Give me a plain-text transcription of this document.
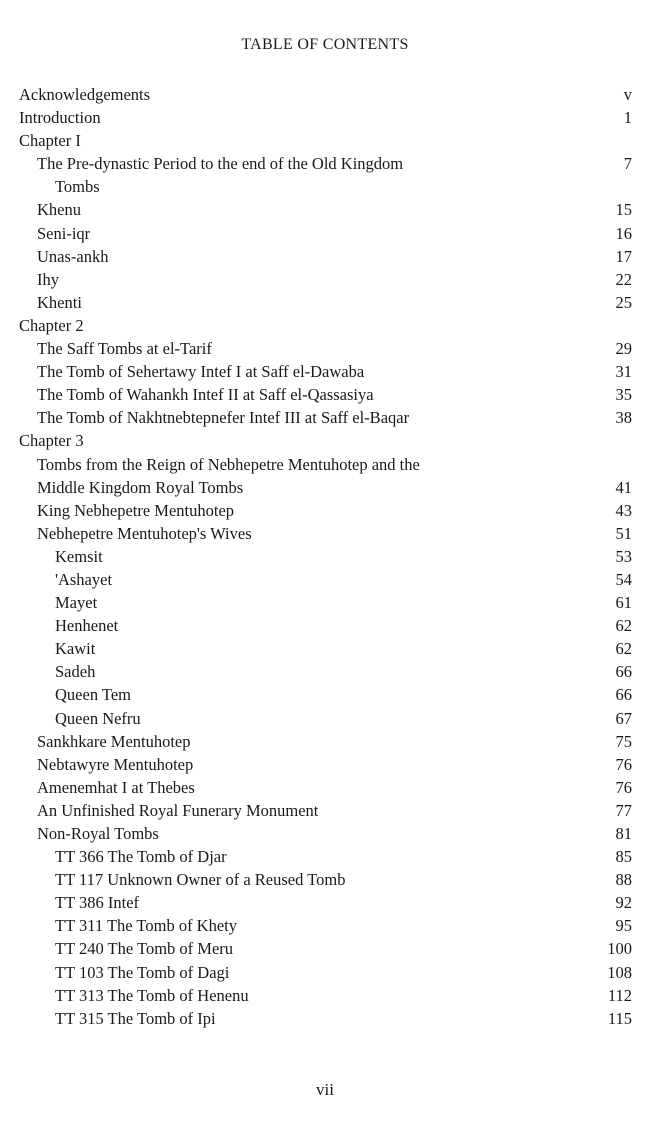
TABLE OF CONTENTS
Acknowledgements	v
Introduction	1
Chapter I
The Pre-dynastic Period to the end of the Old Kingdom	7
Tombs
Khenu	15
Seni-iqr	16
Unas-ankh	17
Ihy	22
Khenti	25
Chapter 2
The Saff Tombs at el-Tarif	29
The Tomb of Sehertawy Intef I at Saff el-Dawaba	31
The Tomb of Wahankh Intef II at Saff el-Qassasiya	35
The Tomb of Nakhtnebtepnefer Intef III at Saff el-Baqar	38
Chapter 3
Tombs from the Reign of Nebhepetre Mentuhotep and the
Middle Kingdom Royal Tombs	41
King Nebhepetre Mentuhotep	43
Nebhepetre Mentuhotep's Wives	51
Kemsit	53
'Ashayet	54
Mayet	61
Henhenet	62
Kawit	62
Sadeh	66
Queen Tem	66
Queen Nefru	67
Sankhkare Mentuhotep	75
Nebtawyre Mentuhotep	76
Amenemhat I at Thebes	76
An Unfinished Royal Funerary Monument	77
Non-Royal Tombs	81
TT 366 The Tomb of Djar	85
TT 117 Unknown Owner of a Reused Tomb	88
TT 386 Intef	92
TT 311 The Tomb of Khety	95
TT 240 The Tomb of Meru	100
TT 103 The Tomb of Dagi	108
TT 313 The Tomb of Henenu	112
TT 315 The Tomb of Ipi	115

vii
